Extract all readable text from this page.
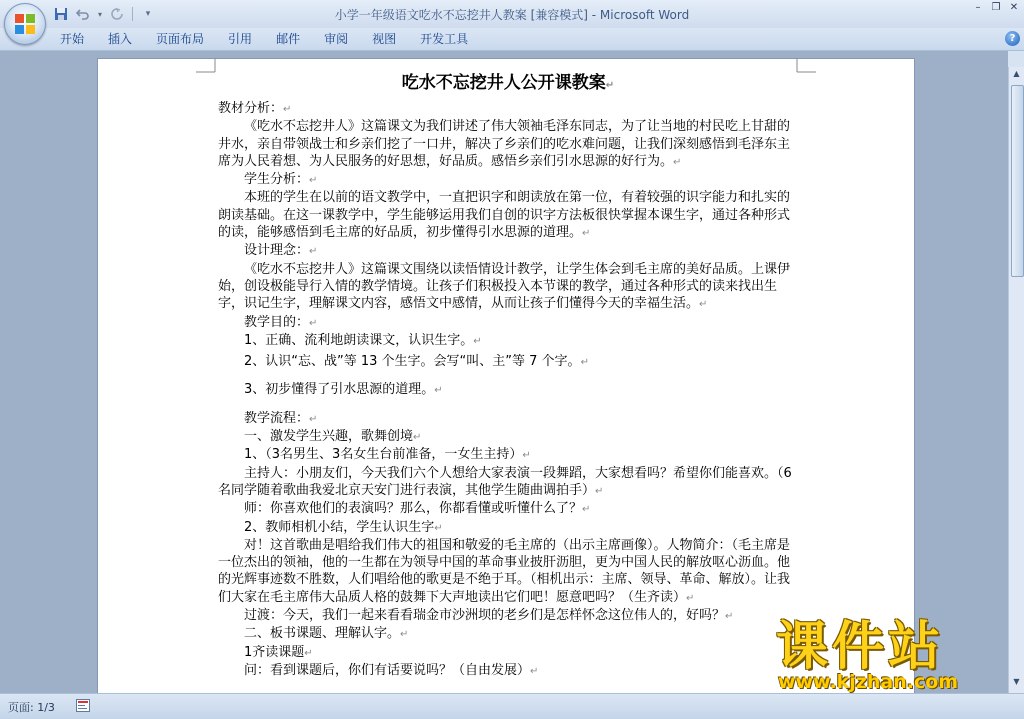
▾	▾	小学一年级语文吃水不忘挖井人教案 [兼容模式] - Microsoft Word
–	❐ ✕
开始	插入	页面布局	引用	邮件	审阅	视图	开发工具	?
▲
▼
吃水不忘挖井人公开课教案↵

教材分析：↵

《吃水不忘挖井人》这篇课文为我们讲述了伟大领袖毛泽东同志，为了让当地的村民吃上甘甜的井水，亲自带领战士和乡亲们挖了一口井，解决了乡亲们的吃水难问题，让我们深刻感悟到毛泽东主席为人民着想、为人民服务的好思想，好品质。感悟乡亲们引水思源的好行为。↵

学生分析：↵

本班的学生在以前的语文教学中，一直把识字和朗读放在第一位，有着较强的识字能力和扎实的朗读基础。在这一课教学中，学生能够运用我们自创的识字方法板很快掌握本课生字，通过各种形式的读，能够感悟到毛主席的好品质，初步懂得引水思源的道理。↵

设计理念：↵

《吃水不忘挖井人》这篇课文围绕以读悟情设计教学，让学生体会到毛主席的美好品质。上课伊始，创设极能导行入情的教学情境。让孩子们积极投入本节课的教学，通过各种形式的读来找出生字，识记生字，理解课文内容，感悟文中感情，从而让孩子们懂得今天的幸福生活。↵

教学目的：↵

1、正确、流利地朗读课文，认识生字。↵

2、认识“忘、战”等 13 个生字。会写“叫、主”等 7 个字。↵

3、初步懂得了引水思源的道理。↵

教学流程：↵

一、激发学生兴趣，歌舞创境↵

1、（3名男生、3名女生台前准备，一女生主持）↵

主持人：小朋友们，今天我们六个人想给大家表演一段舞蹈，大家想看吗？希望你们能喜欢。（6名同学随着歌曲我爱北京天安门进行表演，其他学生随曲调拍手）↵

师：你喜欢他们的表演吗？那么，你都看懂或听懂什么了？↵

2、教师相机小结，学生认识生字↵

对！这首歌曲是唱给我们伟大的祖国和敬爱的毛主席的（出示主席画像）。人物简介：（毛主席是一位杰出的领袖，他的一生都在为领导中国的革命事业披肝沥胆，更为中国人民的解放呕心沥血。他的光辉事迹数不胜数，人们唱给他的歌更是不绝于耳。（相机出示：主席、领导、革命、解放）。让我们大家在毛主席伟大品质人格的鼓舞下大声地读出它们吧！愿意吧吗？（生齐读）↵

过渡：今天，我们一起来看看瑞金市沙洲坝的老乡们是怎样怀念这位伟人的，好吗？↵

二、板书课题、理解认字。↵

1齐读课题↵

问：看到课题后，你们有话要说吗？（自由发展）↵

页面: 1/3
课件站
www.kjzhan.com
